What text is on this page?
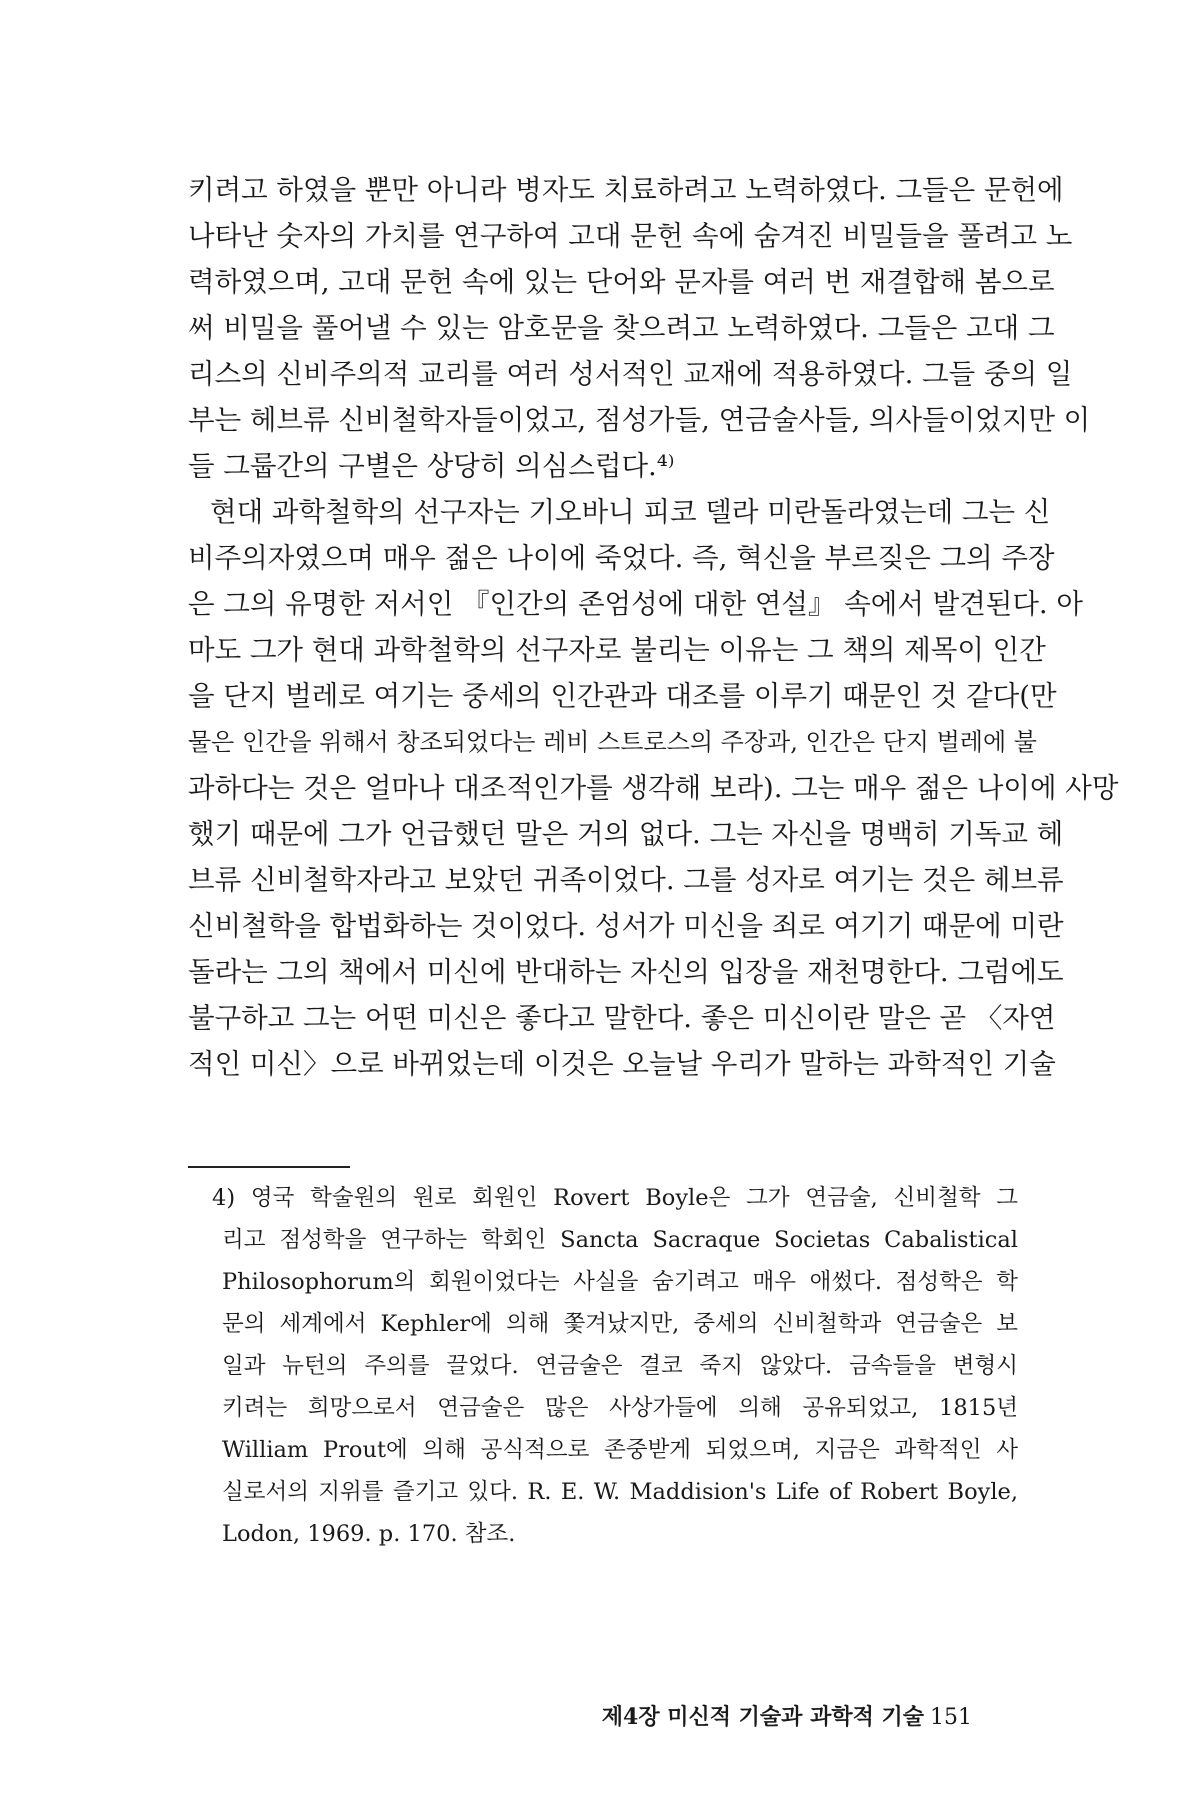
키려고 하였을 뿐만 아니라 병자도 치료하려고 노력하였다. 그들은 문헌에
나타난 숫자의 가치를 연구하여 고대 문헌 속에 숨겨진 비밀들을 풀려고 노
력하였으며, 고대 문헌 속에 있는 단어와 문자를 여러 번 재결합해 봄으로
써 비밀을 풀어낼 수 있는 암호문을 찾으려고 노력하였다. 그들은 고대 그
리스의 신비주의적 교리를 여러 성서적인 교재에 적용하였다. 그들 중의 일
부는 헤브류 신비철학자들이었고, 점성가들, 연금술사들, 의사들이었지만 이
들 그룹간의 구별은 상당히 의심스럽다.⁴⁾
현대 과학철학의 선구자는 기오바니 피코 델라 미란돌라였는데 그는 신
비주의자였으며 매우 젊은 나이에 죽었다. 즉, 혁신을 부르짖은 그의 주장
은 그의 유명한 저서인 『인간의 존엄성에 대한 연설』 속에서 발견된다. 아
마도 그가 현대 과학철학의 선구자로 불리는 이유는 그 책의 제목이 인간
을 단지 벌레로 여기는 중세의 인간관과 대조를 이루기 때문인 것 같다(만
물은 인간을 위해서 창조되었다는 레비 스트로스의 주장과, 인간은 단지 벌레에 불
과하다는 것은 얼마나 대조적인가를 생각해 보라). 그는 매우 젊은 나이에 사망
했기 때문에 그가 언급했던 말은 거의 없다. 그는 자신을 명백히 기독교 헤
브류 신비철학자라고 보았던 귀족이었다. 그를 성자로 여기는 것은 헤브류
신비철학을 합법화하는 것이었다. 성서가 미신을 죄로 여기기 때문에 미란
돌라는 그의 책에서 미신에 반대하는 자신의 입장을 재천명한다. 그럼에도
불구하고 그는 어떤 미신은 좋다고 말한다. 좋은 미신이란 말은 곧 〈자연
적인 미신〉으로 바뀌었는데 이것은 오늘날 우리가 말하는 과학적인 기술
4) 영국 학술원의 원로 회원인 Rovert Boyle은 그가 연금술, 신비철학 그
리고 점성학을 연구하는 학회인 Sancta Sacraque Societas Cabalistical
Philosophorum의 회원이었다는 사실을 숨기려고 매우 애썼다. 점성학은 학
문의 세계에서 Kephler에 의해 쫓겨났지만, 중세의 신비철학과 연금술은 보
일과 뉴턴의 주의를 끌었다. 연금술은 결코 죽지 않았다. 금속들을 변형시
키려는 희망으로서 연금술은 많은 사상가들에 의해 공유되었고, 1815년
William Prout에 의해 공식적으로 존중받게 되었으며, 지금은 과학적인 사
실로서의 지위를 즐기고 있다. R. E. W. Maddision's Life of Robert Boyle,
Lodon, 1969. p. 170. 참조.
제4장 미신적 기술과 과학적 기술 151
